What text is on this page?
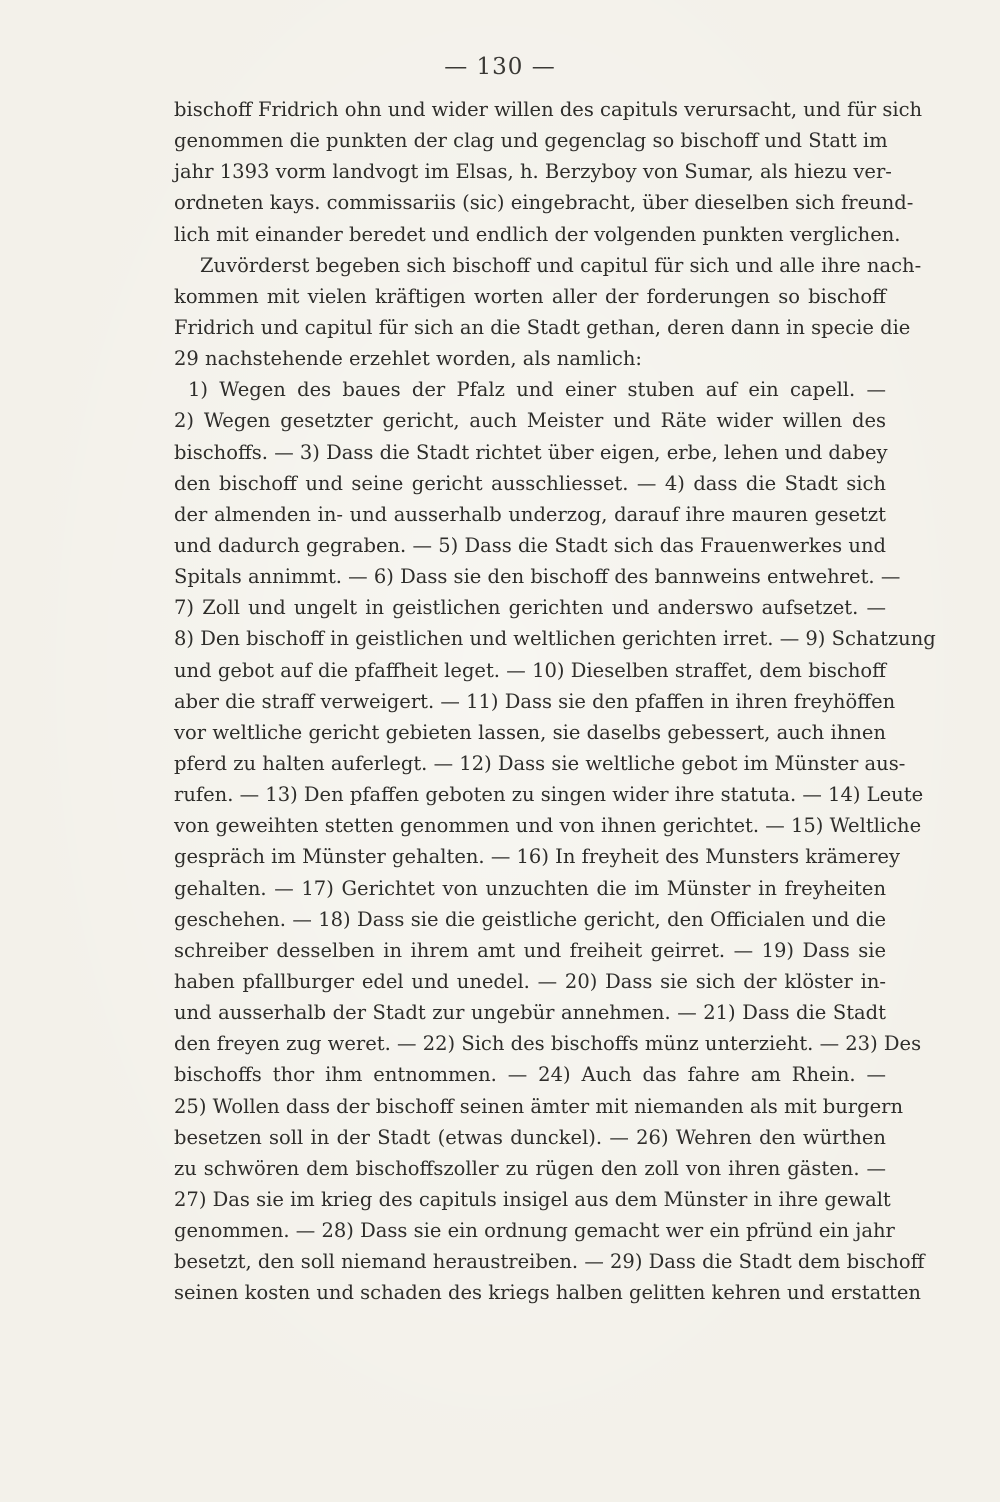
— 130 —
bischoff Fridrich ohn und wider willen des capituls verursacht, und für sich
genommen die punkten der clag und gegenclag so bischoff und Statt im
jahr 1393 vorm landvogt im Elsas, h. Berzyboy von Sumar, als hiezu ver-
ordneten kays. commissariis (sic) eingebracht, über dieselben sich freund-
lich mit einander beredet und endlich der volgenden punkten verglichen.
Zuvörderst begeben sich bischoff und capitul für sich und alle ihre nach-
kommen mit vielen kräftigen worten aller der forderungen so bischoff
Fridrich und capitul für sich an die Stadt gethan, deren dann in specie die
29 nachstehende erzehlet worden, als namlich:
1) Wegen des baues der Pfalz und einer stuben auf ein capell. —
2) Wegen gesetzter gericht, auch Meister und Räte wider willen des
bischoffs. — 3) Dass die Stadt richtet über eigen, erbe, lehen und dabey
den bischoff und seine gericht ausschliesset. — 4) dass die Stadt sich
der almenden in- und ausserhalb underzog, darauf ihre mauren gesetzt
und dadurch gegraben. — 5) Dass die Stadt sich das Frauenwerkes und
Spitals annimmt. — 6) Dass sie den bischoff des bannweins entwehret. —
7) Zoll und ungelt in geistlichen gerichten und anderswo aufsetzet. —
8) Den bischoff in geistlichen und weltlichen gerichten irret. — 9) Schatzung
und gebot auf die pfaffheit leget. — 10) Dieselben straffet, dem bischoff
aber die straff verweigert. — 11) Dass sie den pfaffen in ihren freyhöffen
vor weltliche gericht gebieten lassen, sie daselbs gebessert, auch ihnen
pferd zu halten auferlegt. — 12) Dass sie weltliche gebot im Münster aus-
rufen. — 13) Den pfaffen geboten zu singen wider ihre statuta. — 14) Leute
von geweihten stetten genommen und von ihnen gerichtet. — 15) Weltliche
gespräch im Münster gehalten. — 16) In freyheit des Munsters krämerey
gehalten. — 17) Gerichtet von unzuchten die im Münster in freyheiten
geschehen. — 18) Dass sie die geistliche gericht, den Officialen und die
schreiber desselben in ihrem amt und freiheit geirret. — 19) Dass sie
haben pfallburger edel und unedel. — 20) Dass sie sich der klöster in-
und ausserhalb der Stadt zur ungebür annehmen. — 21) Dass die Stadt
den freyen zug weret. — 22) Sich des bischoffs münz unterzieht. — 23) Des
bischoffs thor ihm entnommen. — 24) Auch das fahre am Rhein. —
25) Wollen dass der bischoff seinen ämter mit niemanden als mit burgern
besetzen soll in der Stadt (etwas dunckel). — 26) Wehren den würthen
zu schwören dem bischoffszoller zu rügen den zoll von ihren gästen. —
27) Das sie im krieg des capituls insigel aus dem Münster in ihre gewalt
genommen. — 28) Dass sie ein ordnung gemacht wer ein pfründ ein jahr
besetzt, den soll niemand heraustreiben. — 29) Dass die Stadt dem bischoff
seinen kosten und schaden des kriegs halben gelitten kehren und erstatten
